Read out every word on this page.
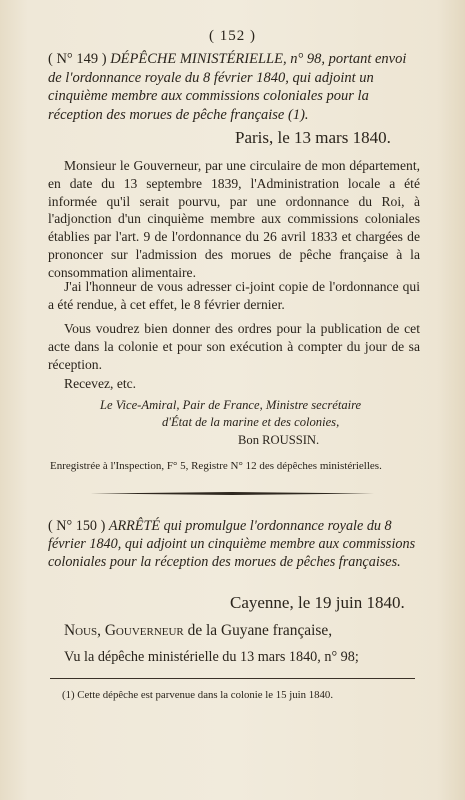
( 152 )
( N° 149 ) DÉPÊCHE MINISTÉRIELLE, n° 98, portant envoi de l'ordonnance royale du 8 février 1840, qui adjoint un cinquième membre aux commissions coloniales pour la réception des morues de pêche française (1).
Paris, le 13 mars 1840.
Monsieur le Gouverneur, par une circulaire de mon département, en date du 13 septembre 1839, l'Administration locale a été informée qu'il serait pourvu, par une ordonnance du Roi, à l'adjonction d'un cinquième membre aux commissions coloniales établies par l'art. 9 de l'ordonnance du 26 avril 1833 et chargées de prononcer sur l'admission des morues de pêche française à la consommation alimentaire.
J'ai l'honneur de vous adresser ci-joint copie de l'ordonnance qui a été rendue, à cet effet, le 8 février dernier.
Vous voudrez bien donner des ordres pour la publication de cet acte dans la colonie et pour son exécution à compter du jour de sa réception.
Recevez, etc.
Le Vice-Amiral, Pair de France, Ministre secrétaire
d'État de la marine et des colonies,
Bon ROUSSIN.
Enregistrée à l'Inspection, F° 5, Registre N° 12 des dépêches ministérielles.
( N° 150 ) ARRÊTÉ qui promulgue l'ordonnance royale du 8 février 1840, qui adjoint un cinquième membre aux commissions coloniales pour la réception des morues de pêches françaises.
Cayenne, le 19 juin 1840.
Nous, Gouverneur de la Guyane française,
Vu la dépêche ministérielle du 13 mars 1840, n° 98;
(1) Cette dépêche est parvenue dans la colonie le 15 juin 1840.
